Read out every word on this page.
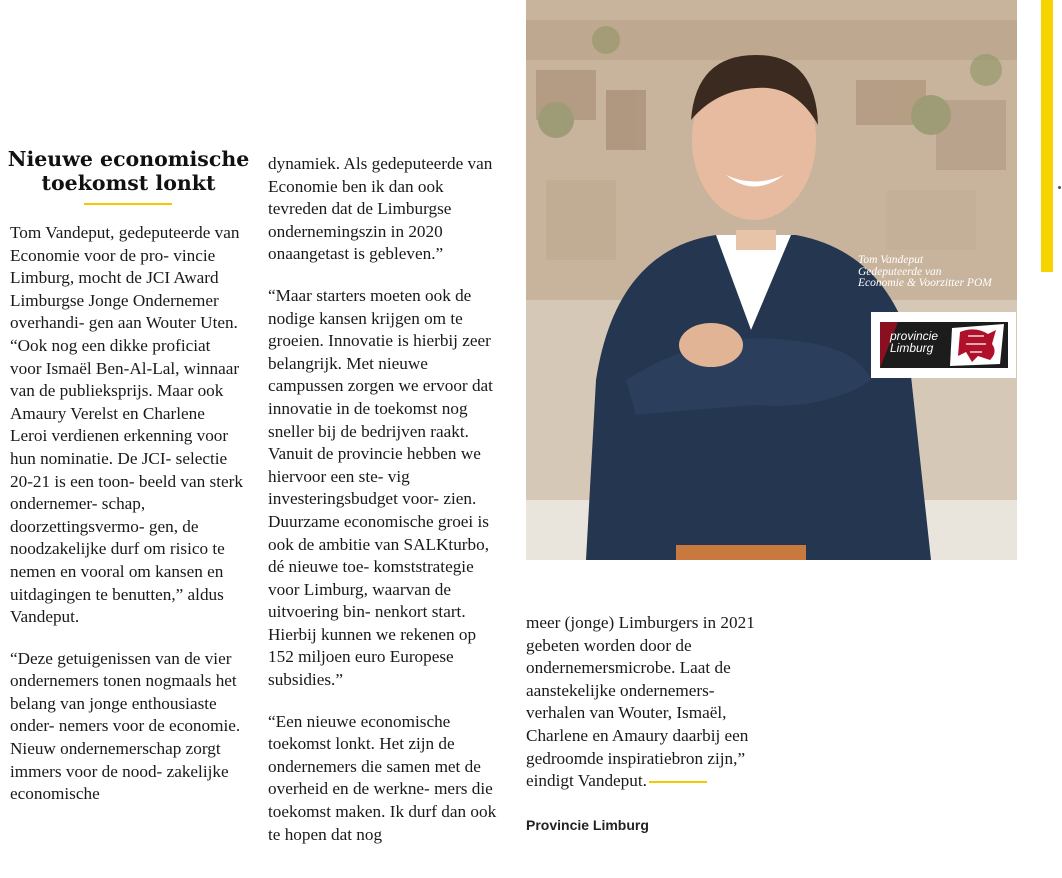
Nieuwe economische
toekomst lonkt

Tom Vandeput, gedeputeerde van Economie voor de pro- vincie Limburg, mocht de JCI Award Limburgse Jonge Ondernemer overhandi- gen aan Wouter Uten. “Ook nog een dikke proficiat voor Ismaël Ben-Al-Lal, winnaar van de publieksprijs. Maar ook Amaury Verelst en Charlene Leroi verdienen erkenning voor hun nominatie. De JCI- selectie 20-21 is een toon- beeld van sterk ondernemer- schap, doorzettingsvermo- gen, de noodzakelijke durf om risico te nemen en vooral om kansen en uitdagingen te benutten,” aldus Vandeput.

“Deze getuigenissen van de vier ondernemers tonen nogmaals het belang van jonge enthousiaste onder- nemers voor de economie. Nieuw ondernemerschap zorgt immers voor de nood- zakelijke economische

dynamiek. Als gedeputeerde van Economie ben ik dan ook tevreden dat de Limburgse ondernemingszin in 2020 onaangetast is gebleven.”

“Maar starters moeten ook de nodige kansen krijgen om te groeien. Innovatie is hierbij zeer belangrijk. Met nieuwe campussen zorgen we ervoor dat innovatie in de toekomst nog sneller bij de bedrijven raakt. Vanuit de provincie hebben we hiervoor een ste- vig investeringsbudget voor- zien. Duurzame economische groei is ook de ambitie van SALKturbo, dé nieuwe toe- komststrategie voor Limburg, waarvan de uitvoering bin- nenkort start. Hierbij kunnen we rekenen op 152 miljoen euro Europese subsidies.”

“Een nieuwe economische toekomst lonkt. Het zijn de ondernemers die samen met de overheid en de werkne- mers die toekomst maken. Ik durf dan ook te hopen dat nog

Tom Vandeput
Gedeputeerde van
Economie & Voorzitter POM
provincie
Limburg

meer (jonge) Limburgers in 2021 gebeten worden door de ondernemersmicrobe. Laat de aanstekelijke ondernemers- verhalen van Wouter, Ismaël, Charlene en Amaury daarbij een gedroomde inspiratiebron zijn,” eindigt Vandeput.

Provincie Limburg
